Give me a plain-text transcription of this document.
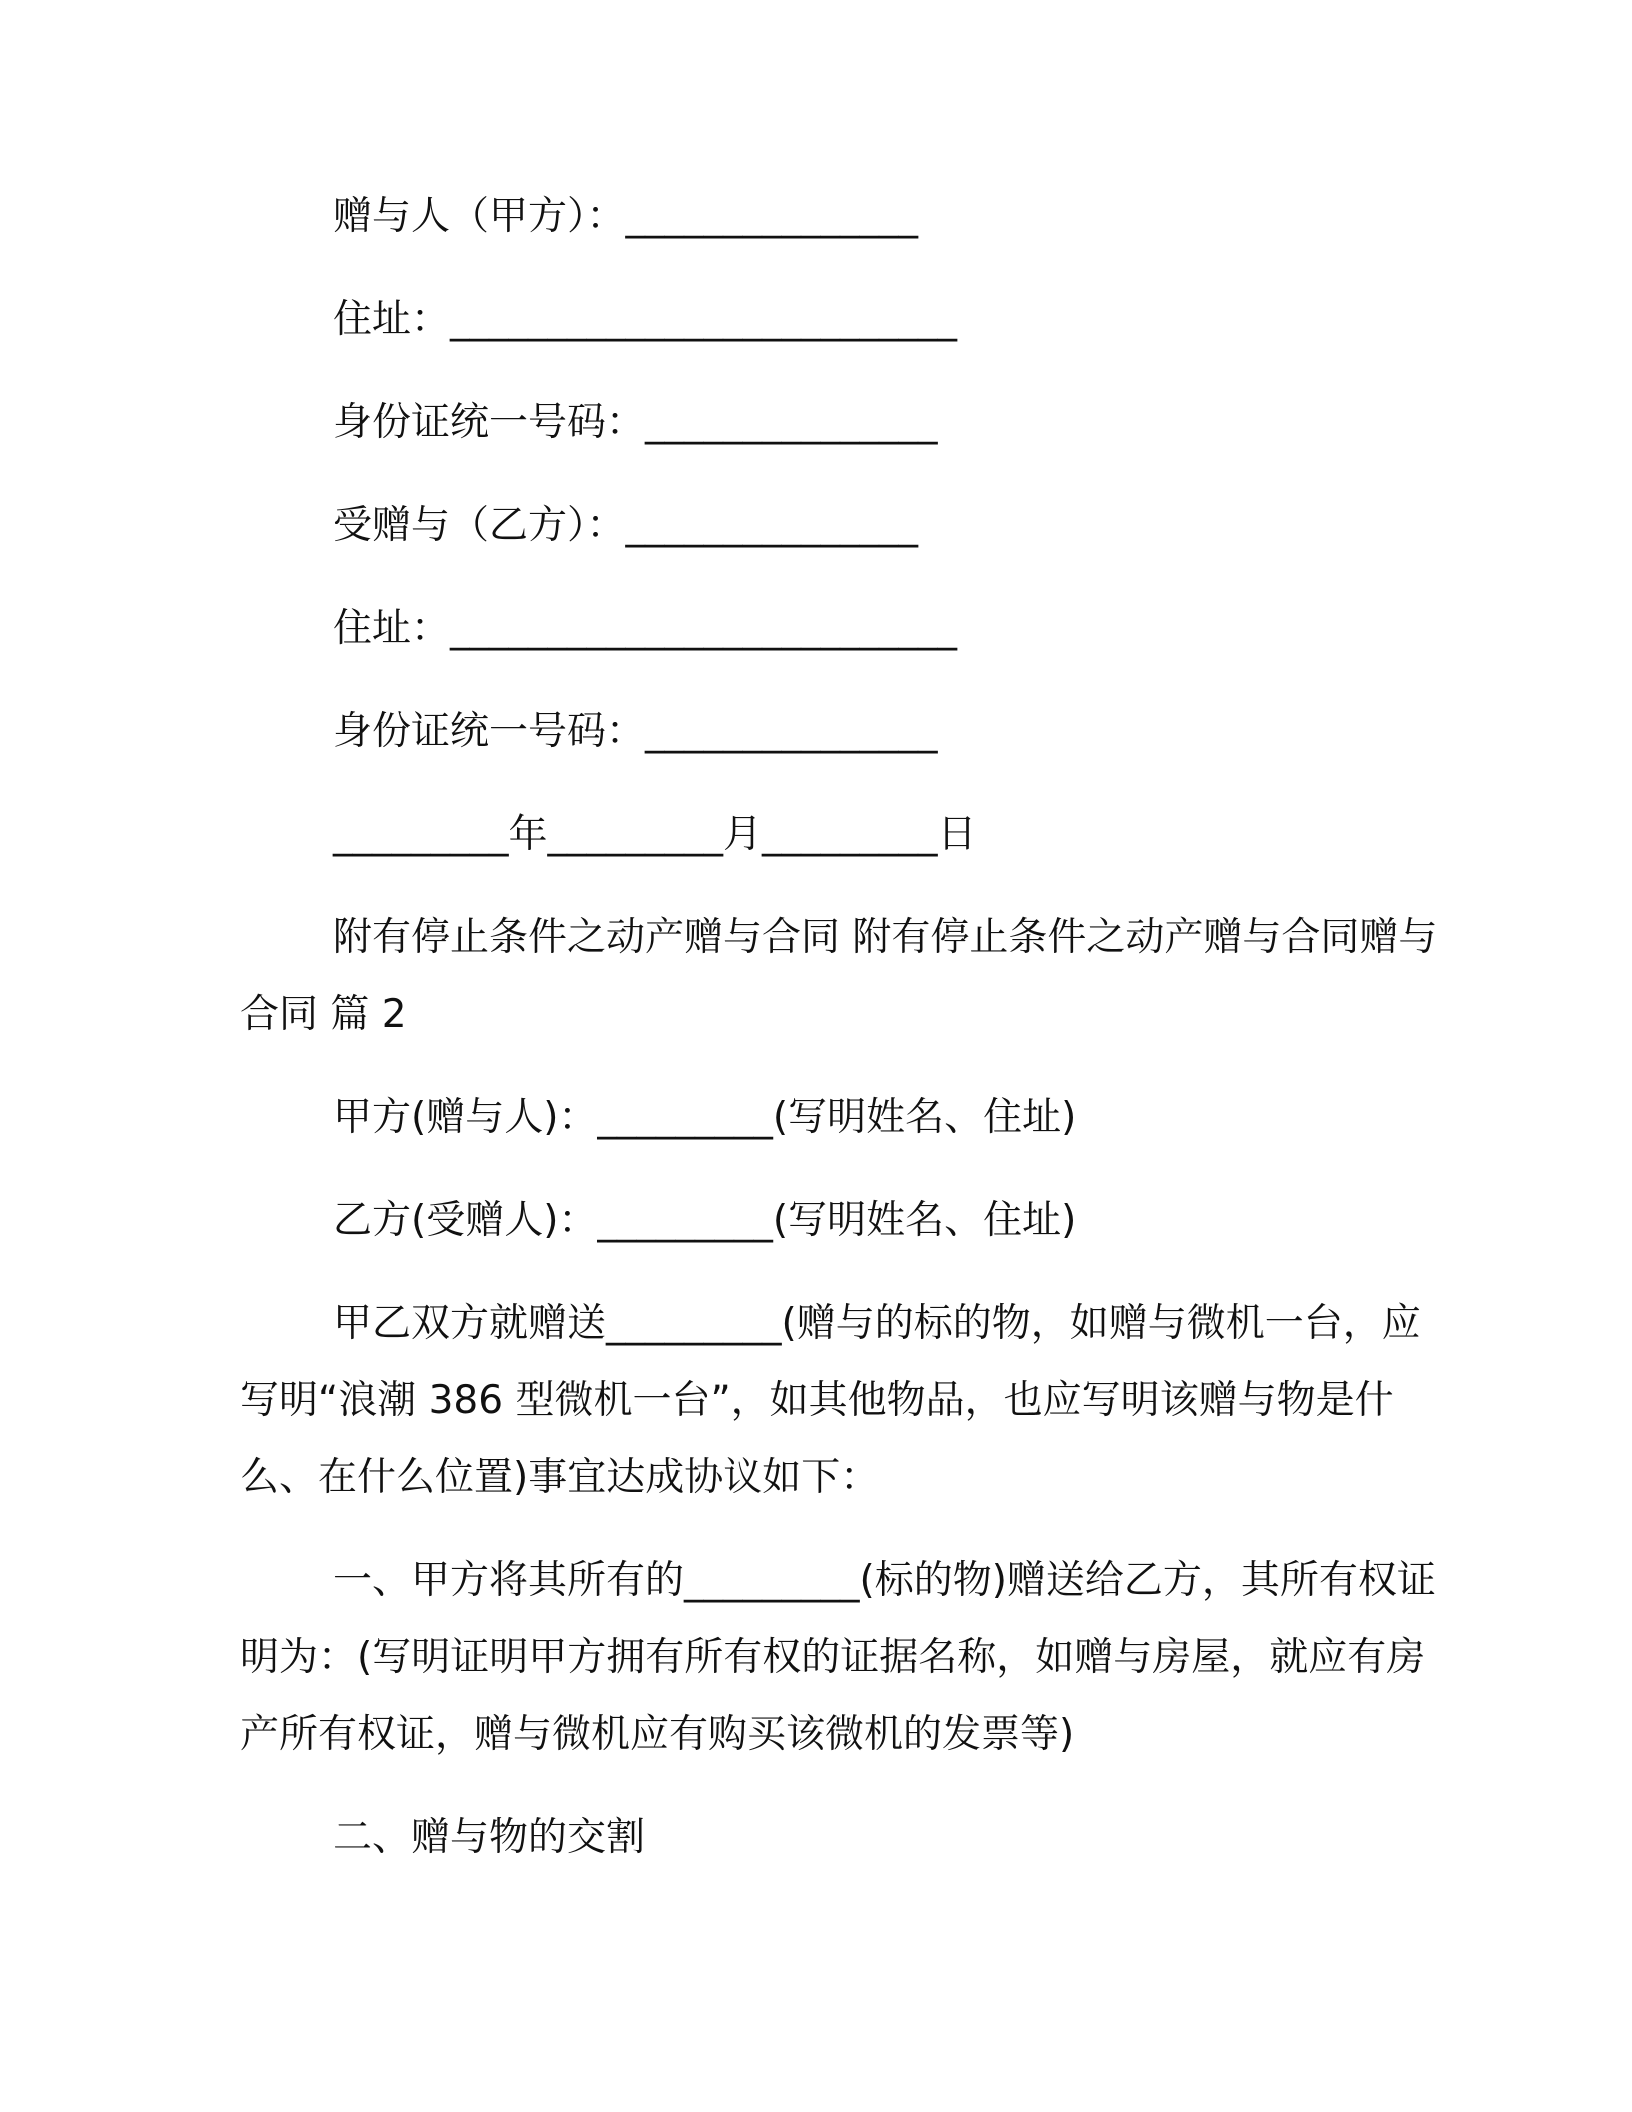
赠与人（甲方）：_______________
住址：__________________________
身份证统一号码：_______________
受赠与（乙方）：_______________
住址：__________________________
身份证统一号码：_______________
_________年_________月_________日
附有停止条件之动产赠与合同 附有停止条件之动产赠与合同赠与
合同 篇 2
甲方(赠与人)：_________(写明姓名、住址)
乙方(受赠人)：_________(写明姓名、住址)
甲乙双方就赠送_________(赠与的标的物，如赠与微机一台，应
写明“浪潮 386 型微机一台”，如其他物品，也应写明该赠与物是什
么、在什么位置)事宜达成协议如下：
一、甲方将其所有的_________(标的物)赠送给乙方，其所有权证
明为：(写明证明甲方拥有所有权的证据名称，如赠与房屋，就应有房
产所有权证，赠与微机应有购买该微机的发票等)
二、赠与物的交割
